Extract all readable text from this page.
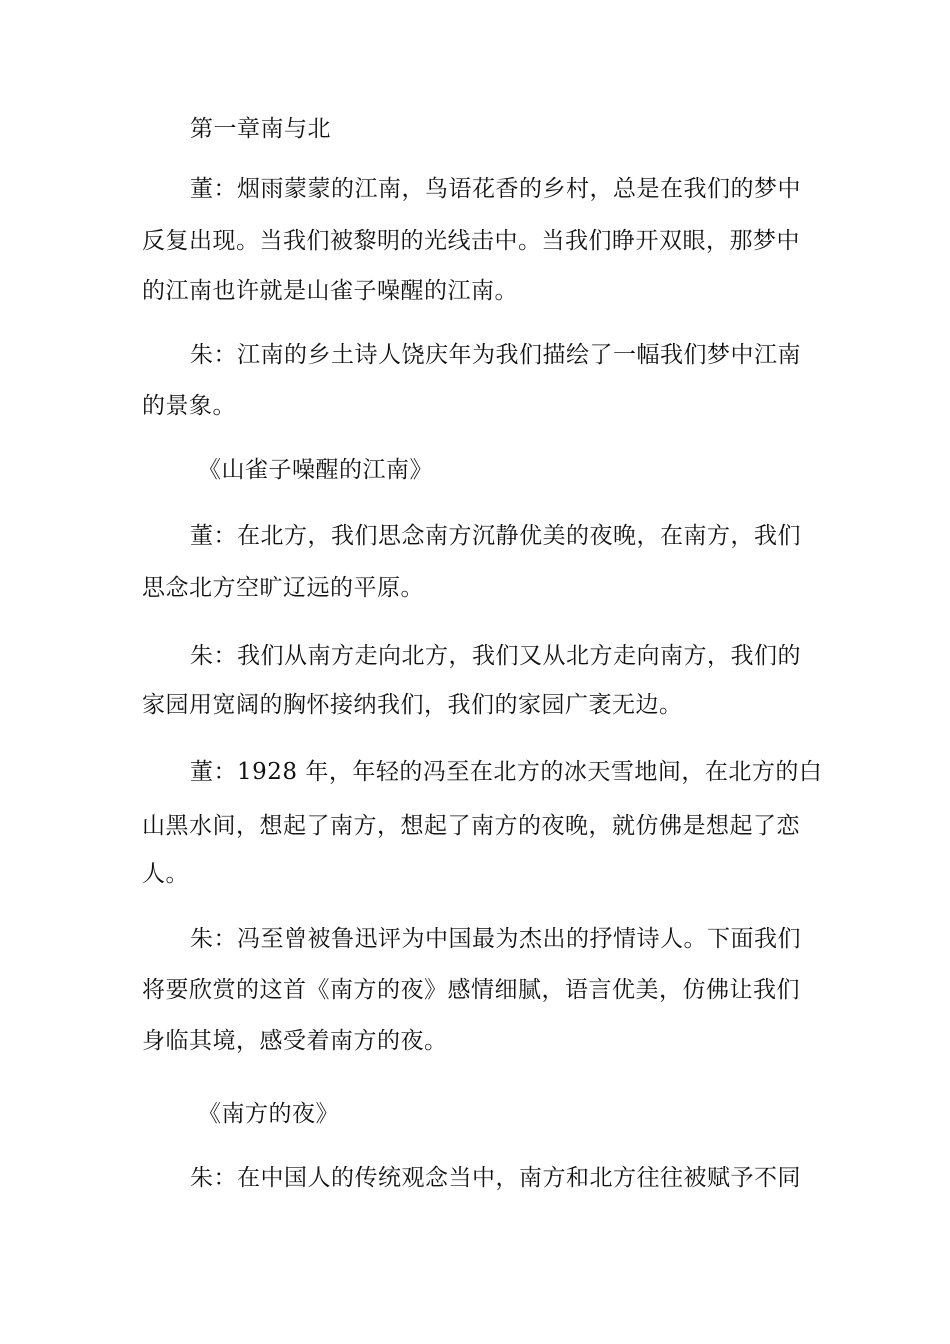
第一章南与北
董：烟雨蒙蒙的江南，鸟语花香的乡村，总是在我们的梦中
反复出现。当我们被黎明的光线击中。当我们睁开双眼，那梦中
的江南也许就是山雀子噪醒的江南。
朱：江南的乡土诗人饶庆年为我们描绘了一幅我们梦中江南
的景象。
《山雀子噪醒的江南》
董：在北方，我们思念南方沉静优美的夜晚，在南方，我们
思念北方空旷辽远的平原。
朱：我们从南方走向北方，我们又从北方走向南方，我们的
家园用宽阔的胸怀接纳我们，我们的家园广袤无边。
董：1928 年，年轻的冯至在北方的冰天雪地间，在北方的白
山黑水间，想起了南方，想起了南方的夜晚，就仿佛是想起了恋
人。
朱：冯至曾被鲁迅评为中国最为杰出的抒情诗人。下面我们
将要欣赏的这首《南方的夜》感情细腻，语言优美，仿佛让我们
身临其境，感受着南方的夜。
《南方的夜》
朱：在中国人的传统观念当中，南方和北方往往被赋予不同
